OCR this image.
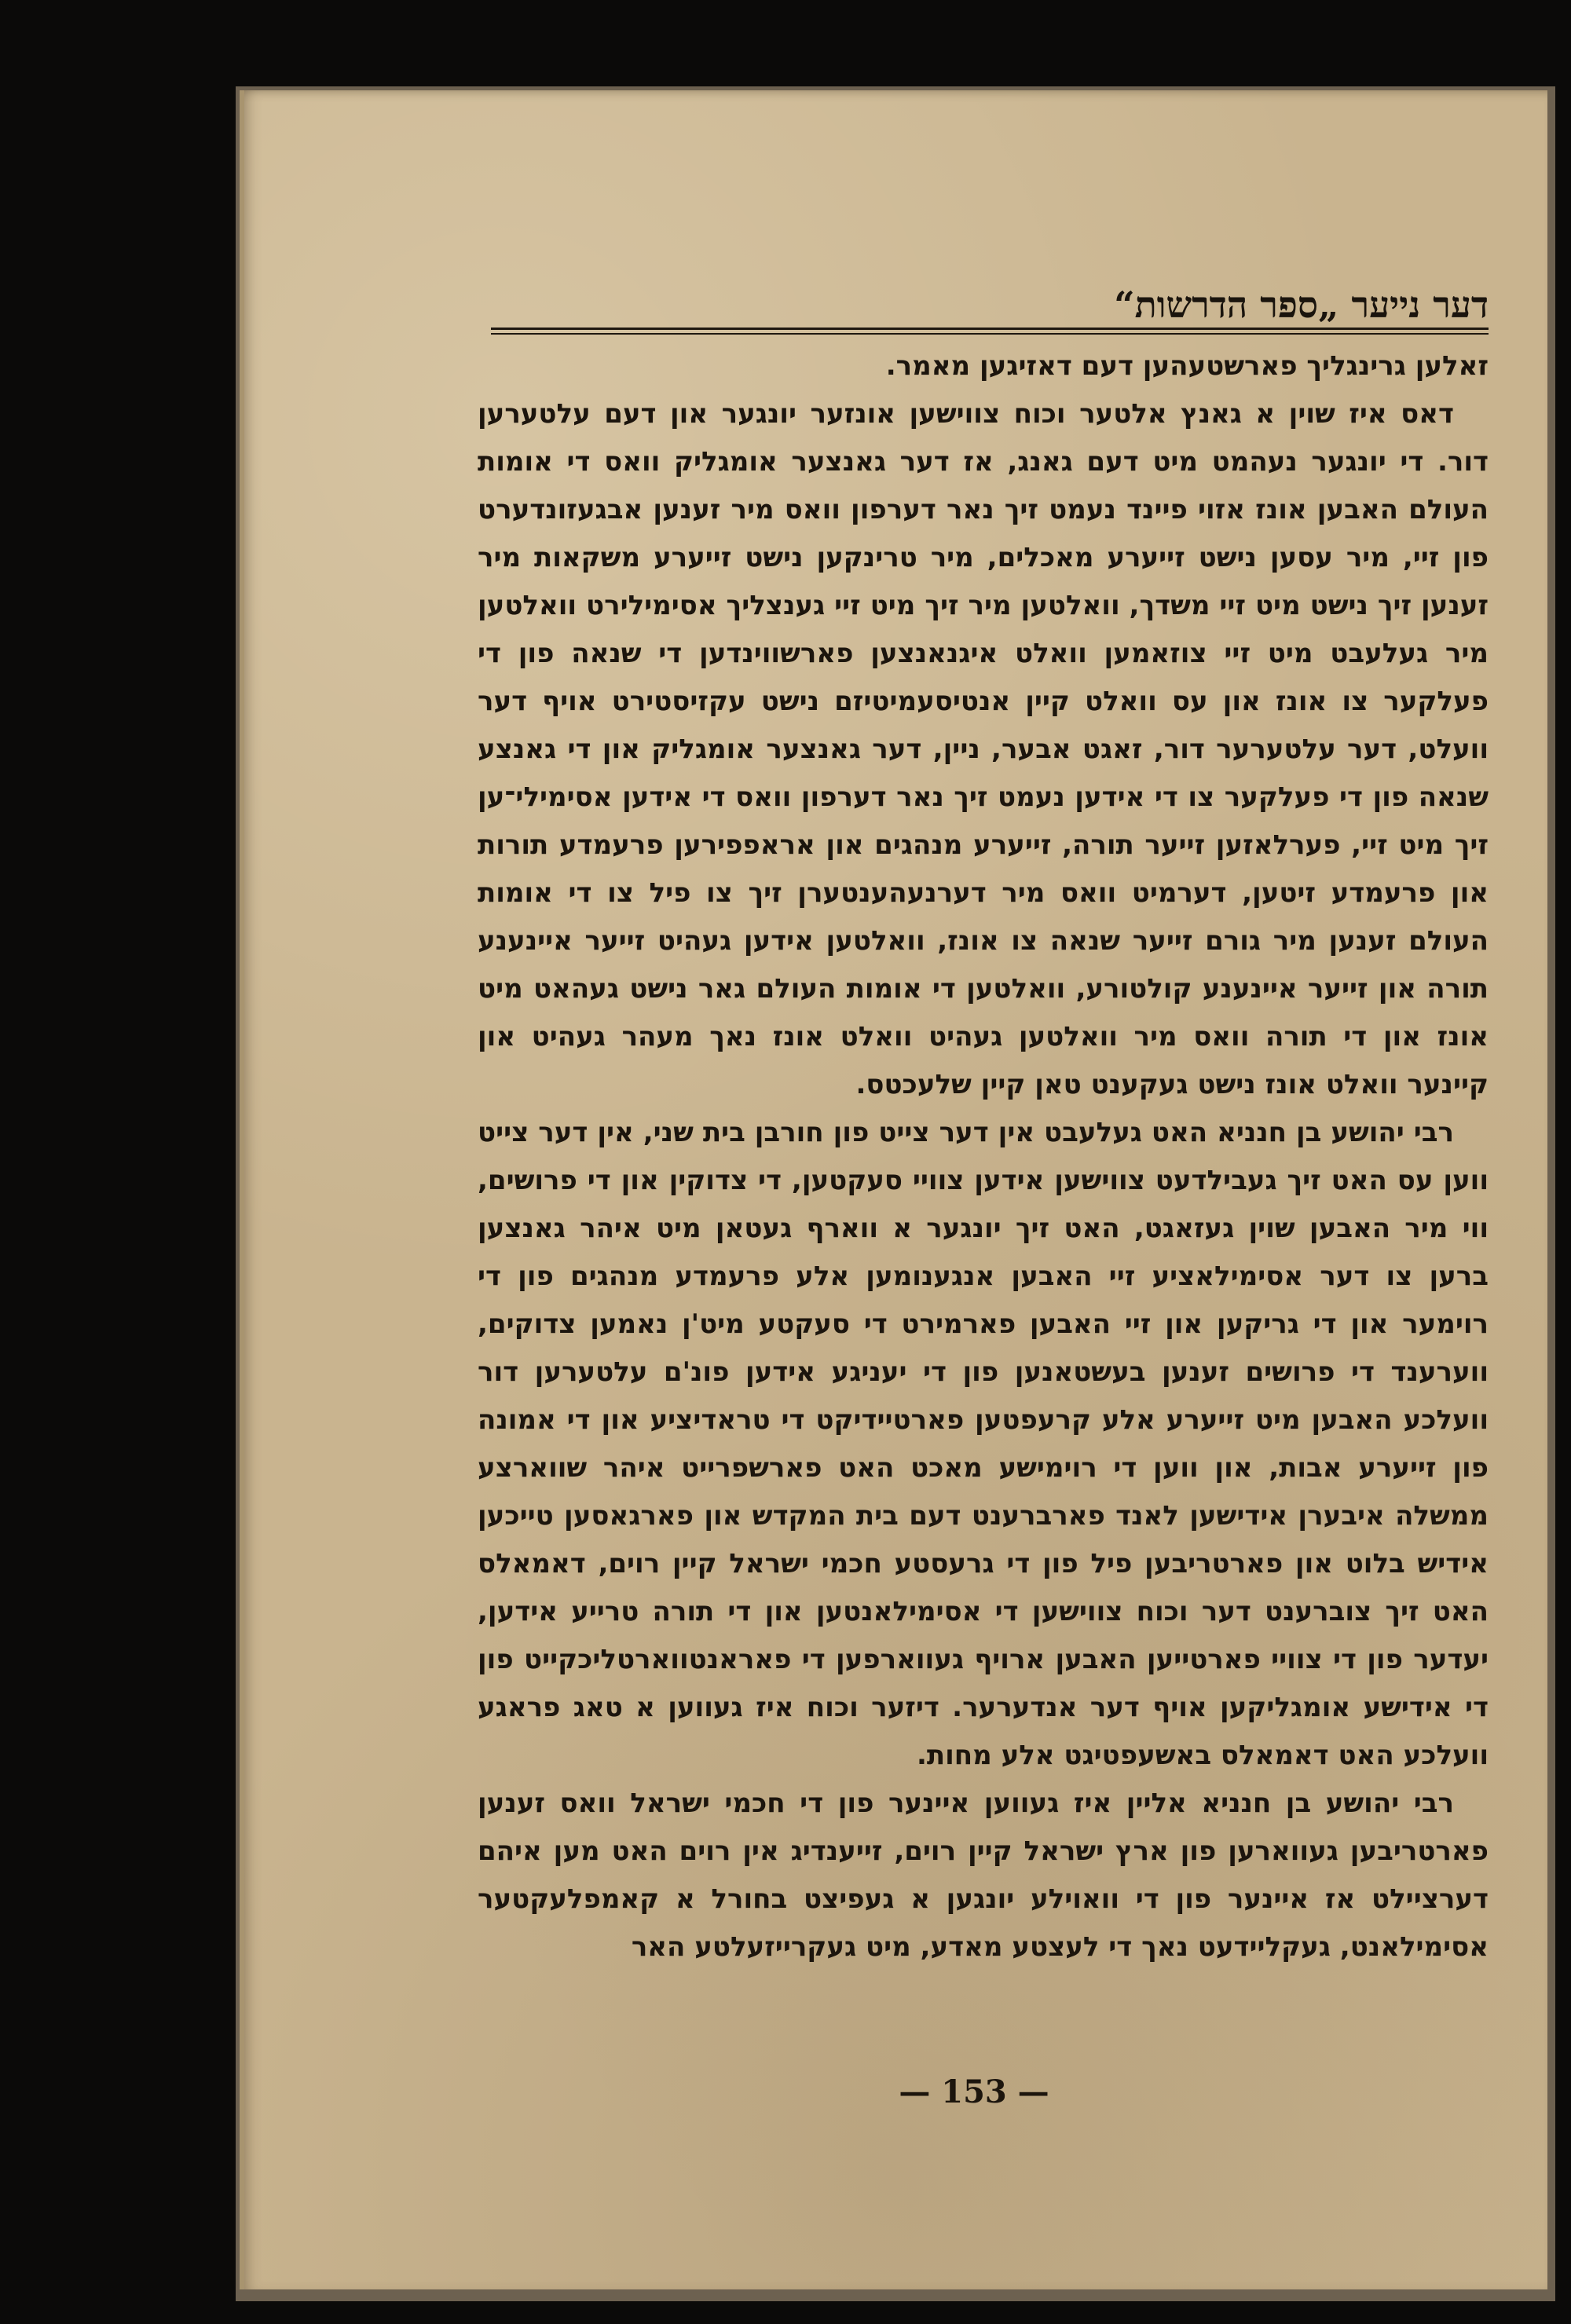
דער נייער „ספר הדרשות“

זאלען גרינגליך פארשטעהען דעם דאזיגען מאמר.

דאס איז שוין א גאנץ אלטער וכוח צווישען אונזער יונגער און דעם עלטערען דור. די יונגער נעהמט מיט דעם גאנג, אז דער גאנצער אומגליק וואס די אומות העולם האבען אונז אזוי פיינד נעמט זיך נאר דערפון וואס מיר זענען אבגעזונדערט פון זיי, מיר עסען נישט זייערע מאכלים, מיר טרינקען נישט זייערע משקאות מיר זענען זיך נישט מיט זיי משדך, וואלטען מיר זיך מיט זיי גענצליך אסימילירט וואלטען מיר געלעבט מיט זיי צוזאמען וואלט איגנאנצען פארשווינדען די שנאה פון די פעלקער צו אונז און עס וואלט קיין אנטיסעמיטיזם נישט עקזיסטירט אויף דער וועלט, דער עלטערער דור, זאגט אבער, ניין, דער גאנצער אומגליק און די גאנצע שנאה פון די פעלקער צו די אידען נעמט זיך נאר דערפון וואס די אידען אסימילי־ען זיך מיט זיי, פערלאזען זייער תורה, זייערע מנהגים און אראפפירען פרעמדע תורות און פרעמדע זיטען, דערמיט וואס מיר דערנעהענטערן זיך צו פיל צו די אומות העולם זענען מיר גורם זייער שנאה צו אונז, וואלטען אידען געהיט זייער איינענע תורה און זייער איינענע קולטורע, וואלטען די אומות העולם גאר נישט געהאט מיט אונז און די תורה וואס מיר וואלטען געהיט וואלט אונז נאך מעהר געהיט און קיינער וואלט אונז נישט געקענט טאן קיין שלעכטס.

רבי יהושע בן חנניא האט געלעבט אין דער צייט פון חורבן בית שני, אין דער צייט ווען עס האט זיך געבילדעט צווישען אידען צוויי סעקטען, די צדוקין און די פרושים, ווי מיר האבען שוין געזאגט, האט זיך יונגער א ווארף געטאן מיט איהר גאנצען ברען צו דער אסימילאציע זיי האבען אנגענומען אלע פרעמדע מנהגים פון די רוימער און די גריקען און זיי האבען פארמירט די סעקטע מיט'ן נאמען צדוקים, ווערענד די פרושים זענען בעשטאנען פון די יעניגע אידען פונ'ם עלטערען דור וועלכע האבען מיט זייערע אלע קרעפטען פארטיידיקט די טראדיציע און די אמונה פון זייערע אבות, און ווען די רוימישע מאכט האט פארשפרייט איהר שווארצע ממשלה איבערן אידישען לאנד פארברענט דעם בית המקדש און פארגאסען טייכען אידיש בלוט און פארטריבען פיל פון די גרעסטע חכמי ישראל קיין רוים, דאמאלס האט זיך צוברענט דער וכוח צווישען די אסימילאנטען און די תורה טרייע אידען, יעדער פון די צוויי פארטייען האבען ארויף געווארפען די פאראנטווארטליכקייט פון די אידישע אומגליקען אויף דער אנדערער. דיזער וכוח איז געווען א טאג פראגע וועלכע האט דאמאלס באשעפטיגט אלע מחות.

רבי יהושע בן חנניא אליין איז געווען איינער פון די חכמי ישראל וואס זענען פארטריבען געווארען פון ארץ ישראל קיין רוים, זייענדיג אין רוים האט מען איהם דערציילט אז איינער פון די וואוילע יונגען א געפיצט בחורל א קאמפלעקטער אסימילאנט, געקליידעט נאך די לעצטע מאדע, מיט געקרייזעלטע האר

— 153 —
